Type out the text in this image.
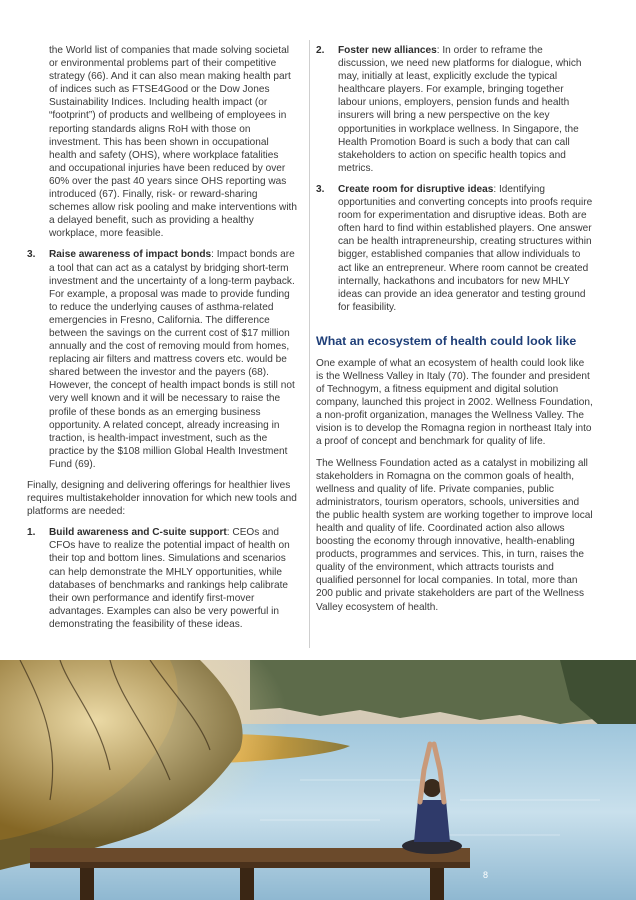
the World list of companies that made solving societal or environmental problems part of their competitive strategy (66). And it can also mean making health part of indices such as FTSE4Good or the Dow Jones Sustainability Indices. Including health impact (or “footprint”) of products and wellbeing of employees in reporting standards aligns RoH with those on investment. This has been shown in occupational health and safety (OHS), where workplace fatalities and occupational injuries have been reduced by over 60% over the past 40 years since OHS reporting was introduced (67). Finally, risk- or reward-sharing schemes allow risk pooling and make interventions with a delayed benefit, such as providing a healthy workplace, more feasible.

3. Raise awareness of impact bonds: Impact bonds are a tool that can act as a catalyst by bridging short-term investment and the uncertainty of a long-term payback. For example, a proposal was made to provide funding to reduce the underlying causes of asthma-related emergencies in Fresno, California. The difference between the savings on the current cost of $17 million annually and the cost of removing mould from homes, replacing air filters and mattress covers etc. would be shared between the investor and the payers (68). However, the concept of health impact bonds is still not very well known and it will be necessary to raise the profile of these bonds as an emerging business opportunity. A related concept, already increasing in traction, is health-impact investment, such as the practice by the $108 million Global Health Investment Fund (69).

Finally, designing and delivering offerings for healthier lives requires multistakeholder innovation for which new tools and platforms are needed:

1. Build awareness and C-suite support: CEOs and CFOs have to realize the potential impact of health on their top and bottom lines. Simulations and scenarios can help demonstrate the MHLY opportunities, while databases of benchmarks and rankings help calibrate their own performance and identify first-mover advantages. Examples can also be very powerful in demonstrating the feasibility of these ideas.
2. Foster new alliances: In order to reframe the discussion, we need new platforms for dialogue, which may, initially at least, explicitly exclude the typical healthcare players. For example, bringing together labour unions, employers, pension funds and health insurers will bring a new perspective on the key opportunities in workplace wellness. In Singapore, the Health Promotion Board is such a body that can call stakeholders to action on specific health topics and metrics.
3. Create room for disruptive ideas: Identifying opportunities and converting concepts into proofs require room for experimentation and disruptive ideas. Both are often hard to find within established players. One answer can be health intrapreneurship, creating structures within bigger, established companies that allow individuals to act like an entrepreneur. Where room cannot be created internally, hackathons and incubators for new MHLY ideas can provide an idea generator and testing ground for feasibility.
What an ecosystem of health could look like

One example of what an ecosystem of health could look like is the Wellness Valley in Italy (70). The founder and president of Technogym, a fitness equipment and digital solution company, launched this project in 2002. Wellness Foundation, a non-profit organization, manages the Wellness Valley. The vision is to develop the Romagna region in northeast Italy into a proof of concept and benchmark for quality of life.

The Wellness Foundation acted as a catalyst in mobilizing all stakeholders in Romagna on the common goals of health, wellness and quality of life. Private companies, public administrators, tourism operators, schools, universities and the public health system are working together to improve local health and quality of life. Coordinated action also allows boosting the economy through innovative, health-enabling products, programmes and services. This, in turn, raises the quality of the environment, which attracts tourists and qualified personnel for local companies. In total, more than 200 public and private stakeholders are part of the Wellness Valley ecosystem of health.

8
